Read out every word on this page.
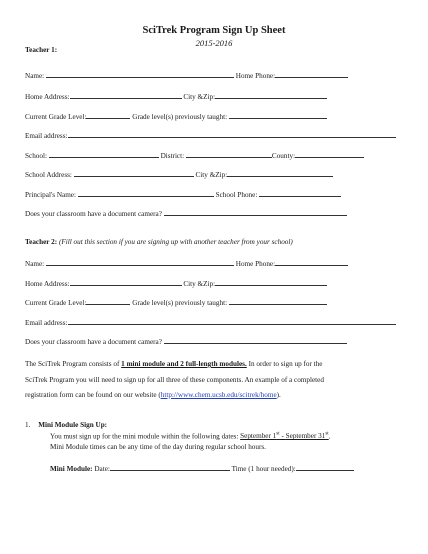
SciTrek Program Sign Up Sheet
2015-2016
Teacher 1:
Name:	Home Phone:
Home Address:	City &Zip:
Current Grade Level:	Grade level(s) previously taught:
Email address:
School:	District:	County:
School Address:	City &Zip:
Principal's Name:	School Phone:
Does your classroom have a document camera?
Teacher 2: (Fill out this section if you are signing up with another teacher from your school)
Name:	Home Phone:
Home Address:	City &Zip:
Current Grade Level:	Grade level(s) previously taught:
Email address:
Does your classroom have a document camera?
The SciTrek Program consists of 1 mini module and 2 full-length modules. In order to sign up for the
SciTrek Program you will need to sign up for all three of these components. An example of a completed
registration form can be found on our website (http://www.chem.ucsb.edu/scitrek/home).
1. Mini Module Sign Up:
You must sign up for the mini module within the following dates: September 1st - September 31st.
Mini Module times can be any time of the day during regular school hours.
Mini Module: Date:	Time (1 hour needed):
